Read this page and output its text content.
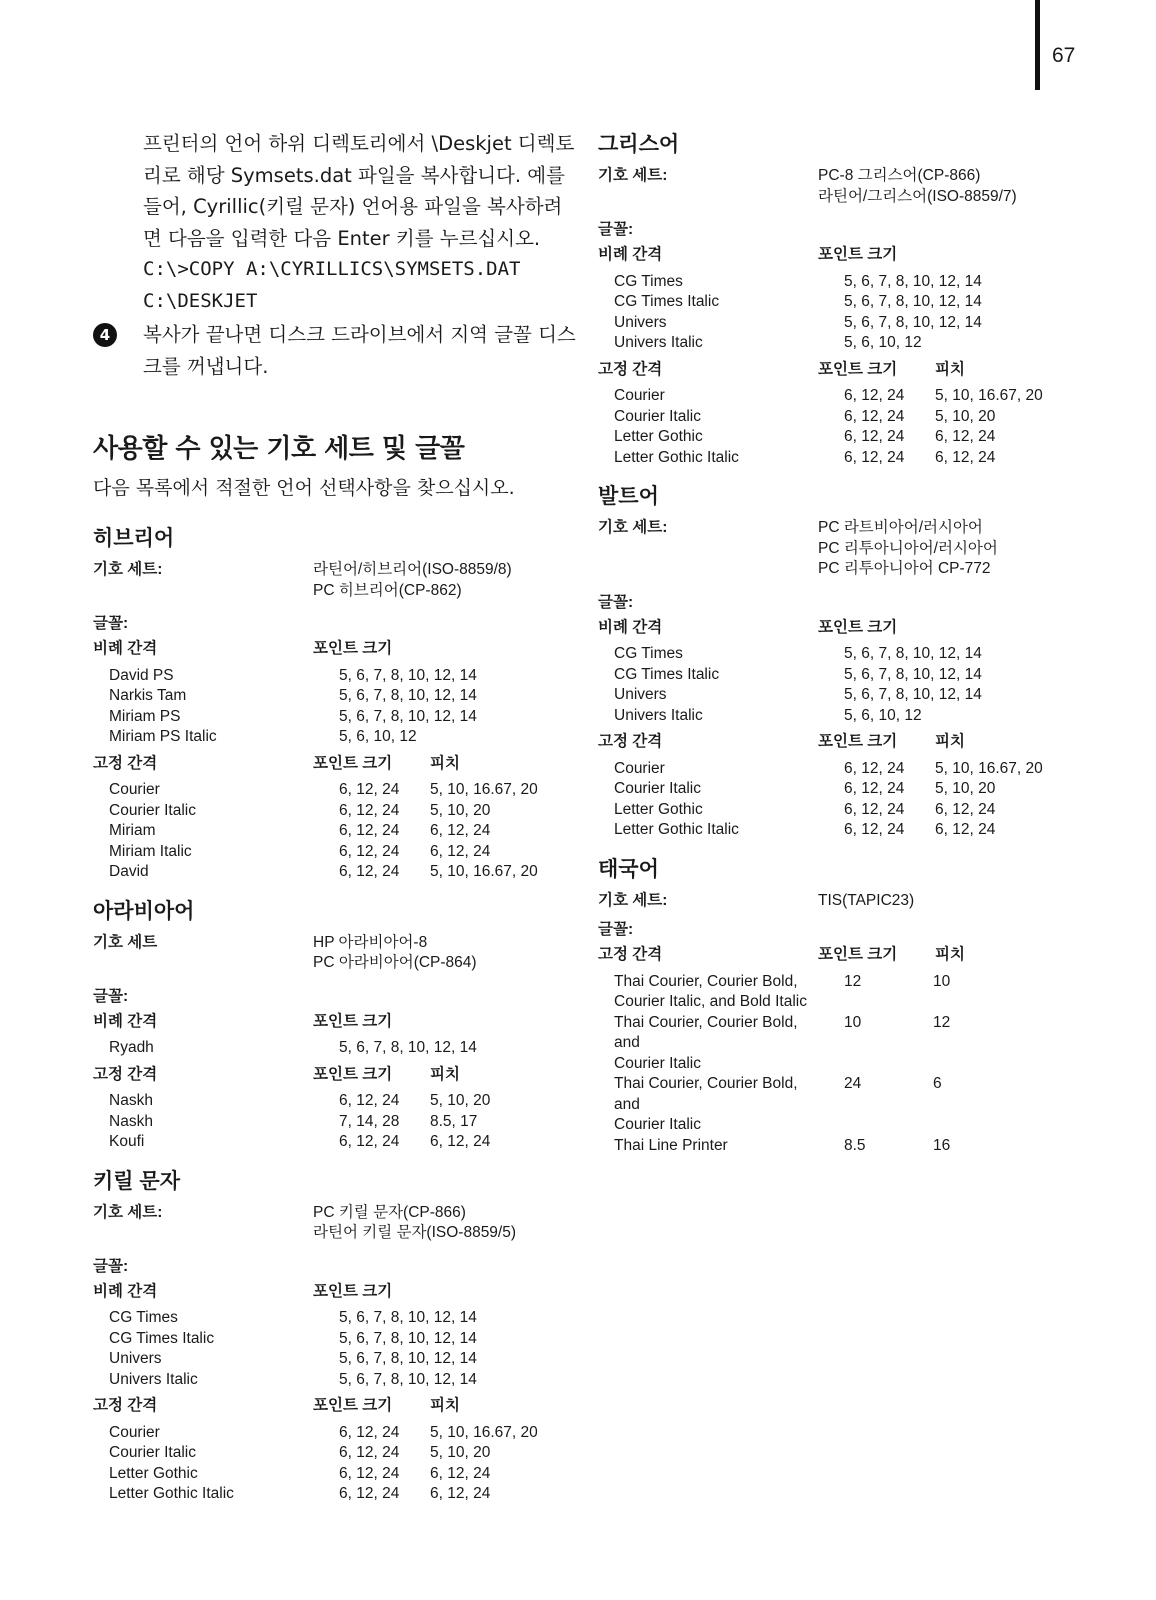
67
프린터의 언어 하위 디렉토리에서 \Deskjet 디렉토
리로 해당 Symsets.dat 파일을 복사합니다. 예를
들어, Cyrillic(키릴 문자) 언어용 파일을 복사하려
면 다음을 입력한 다음 Enter 키를 누르십시오.
C:\>COPY A:\CYRILLICS\SYMSETS.DAT
C:\DESKJET
4	복사가 끝나면 디스크 드라이브에서 지역 글꼴 디스
크를 꺼냅니다.
사용할 수 있는 기호 세트 및 글꼴
다음 목록에서 적절한 언어 선택사항을 찾으십시오.
히브리어
기호 세트:	라틴어/히브리어(ISO-8859/8)
PC 히브리어(CP-862)
글꼴:
비례 간격	포인트 크기
David PS	5, 6, 7, 8, 10, 12, 14
Narkis Tam	5, 6, 7, 8, 10, 12, 14
Miriam PS	5, 6, 7, 8, 10, 12, 14
Miriam PS Italic	5, 6, 10, 12
고정 간격	포인트 크기	피치
Courier	6, 12, 24	5, 10, 16.67, 20
Courier Italic	6, 12, 24	5, 10, 20
Miriam	6, 12, 24	6, 12, 24
Miriam Italic	6, 12, 24	6, 12, 24
David	6, 12, 24	5, 10, 16.67, 20
아라비아어
기호 세트	HP 아라비아어-8
PC 아라비아어(CP-864)
글꼴:
비례 간격	포인트 크기
Ryadh	5, 6, 7, 8, 10, 12, 14
고정 간격	포인트 크기	피치
Naskh	6, 12, 24	5, 10, 20
Naskh	7, 14, 28	8.5, 17
Koufi	6, 12, 24	6, 12, 24
키릴 문자
기호 세트:	PC 키릴 문자(CP-866)
라틴어 키릴 문자(ISO-8859/5)
글꼴:
비례 간격	포인트 크기
CG Times	5, 6, 7, 8, 10, 12, 14
CG Times Italic	5, 6, 7, 8, 10, 12, 14
Univers	5, 6, 7, 8, 10, 12, 14
Univers Italic	5, 6, 7, 8, 10, 12, 14
고정 간격	포인트 크기	피치
Courier	6, 12, 24	5, 10, 16.67, 20
Courier Italic	6, 12, 24	5, 10, 20
Letter Gothic	6, 12, 24	6, 12, 24
Letter Gothic Italic	6, 12, 24	6, 12, 24
그리스어
기호 세트:	PC-8 그리스어(CP-866)
라틴어/그리스어(ISO-8859/7)
글꼴:
비례 간격	포인트 크기
CG Times	5, 6, 7, 8, 10, 12, 14
CG Times Italic	5, 6, 7, 8, 10, 12, 14
Univers	5, 6, 7, 8, 10, 12, 14
Univers Italic	5, 6, 10, 12
고정 간격	포인트 크기	피치
Courier	6, 12, 24	5, 10, 16.67, 20
Courier Italic	6, 12, 24	5, 10, 20
Letter Gothic	6, 12, 24	6, 12, 24
Letter Gothic Italic	6, 12, 24	6, 12, 24
발트어
기호 세트:	PC 라트비아어/러시아어
PC 리투아니아어/러시아어
PC 리투아니아어 CP-772
글꼴:
비례 간격	포인트 크기
CG Times	5, 6, 7, 8, 10, 12, 14
CG Times Italic	5, 6, 7, 8, 10, 12, 14
Univers	5, 6, 7, 8, 10, 12, 14
Univers Italic	5, 6, 10, 12
고정 간격	포인트 크기	피치
Courier	6, 12, 24	5, 10, 16.67, 20
Courier Italic	6, 12, 24	5, 10, 20
Letter Gothic	6, 12, 24	6, 12, 24
Letter Gothic Italic	6, 12, 24	6, 12, 24
태국어
기호 세트:	TIS(TAPIC23)
글꼴:
고정 간격	포인트 크기	피치
Thai Courier, Courier Bold,
Courier Italic, and Bold Italic
12	10
Thai Courier, Courier Bold, and
Courier Italic
10	12
Thai Courier, Courier Bold, and
Courier Italic
24	6
Thai Line Printer	8.5	16
